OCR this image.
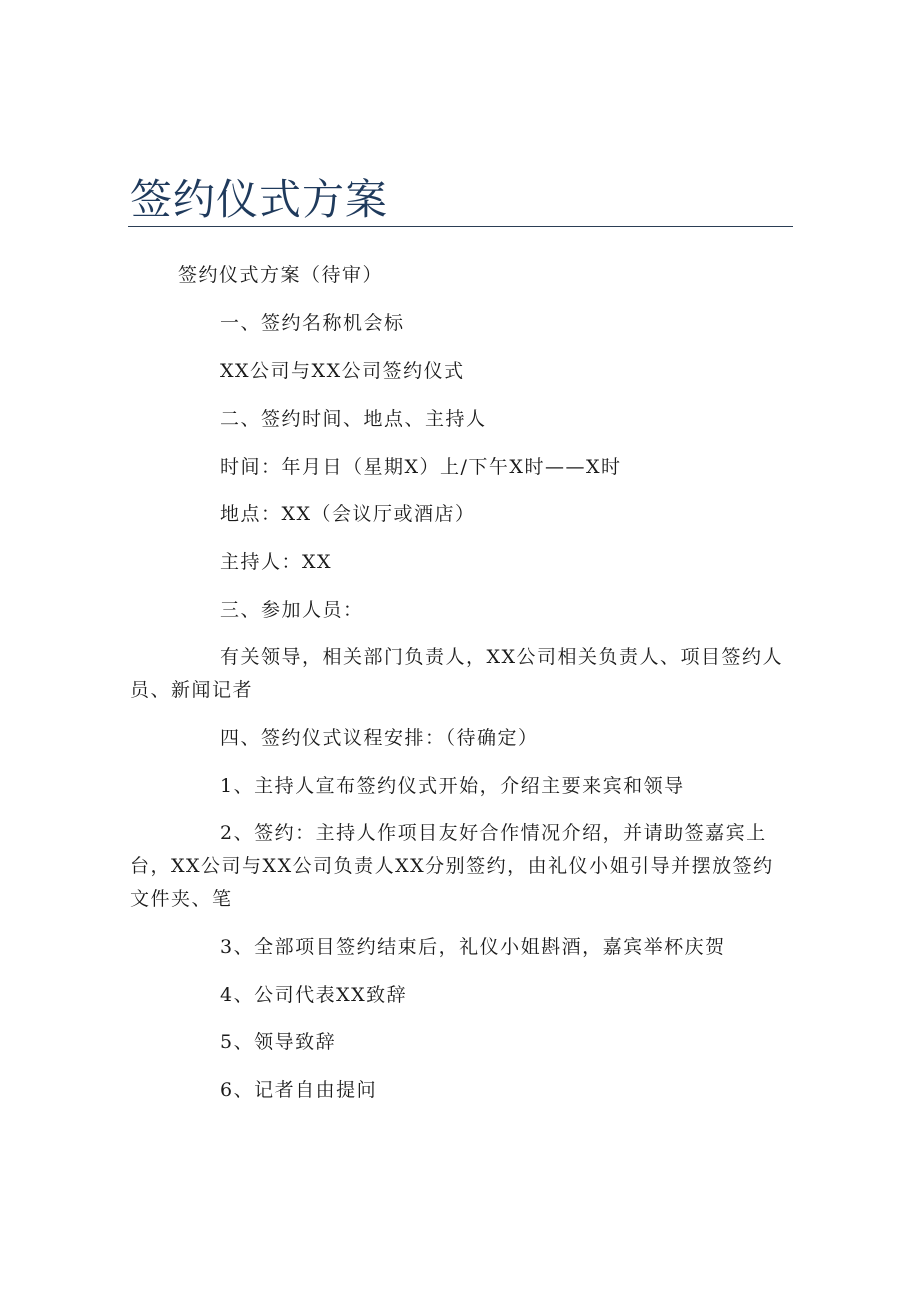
签约仪式方案

签约仪式方案（待审）

一、签约名称机会标

XX公司与XX公司签约仪式

二、签约时间、地点、主持人

时间：年月日（星期X）上/下午X时——X时

地点：XX（会议厅或酒店）

主持人：XX

三、参加人员：

有关领导，相关部门负责人，XX公司相关负责人、项目签约人员、新闻记者

四、签约仪式议程安排：（待确定）

1、主持人宣布签约仪式开始，介绍主要来宾和领导

2、签约：主持人作项目友好合作情况介绍，并请助签嘉宾上台，XX公司与XX公司负责人XX分别签约，由礼仪小姐引导并摆放签约文件夹、笔

3、全部项目签约结束后，礼仪小姐斟酒，嘉宾举杯庆贺

4、公司代表XX致辞

5、领导致辞

6、记者自由提问
